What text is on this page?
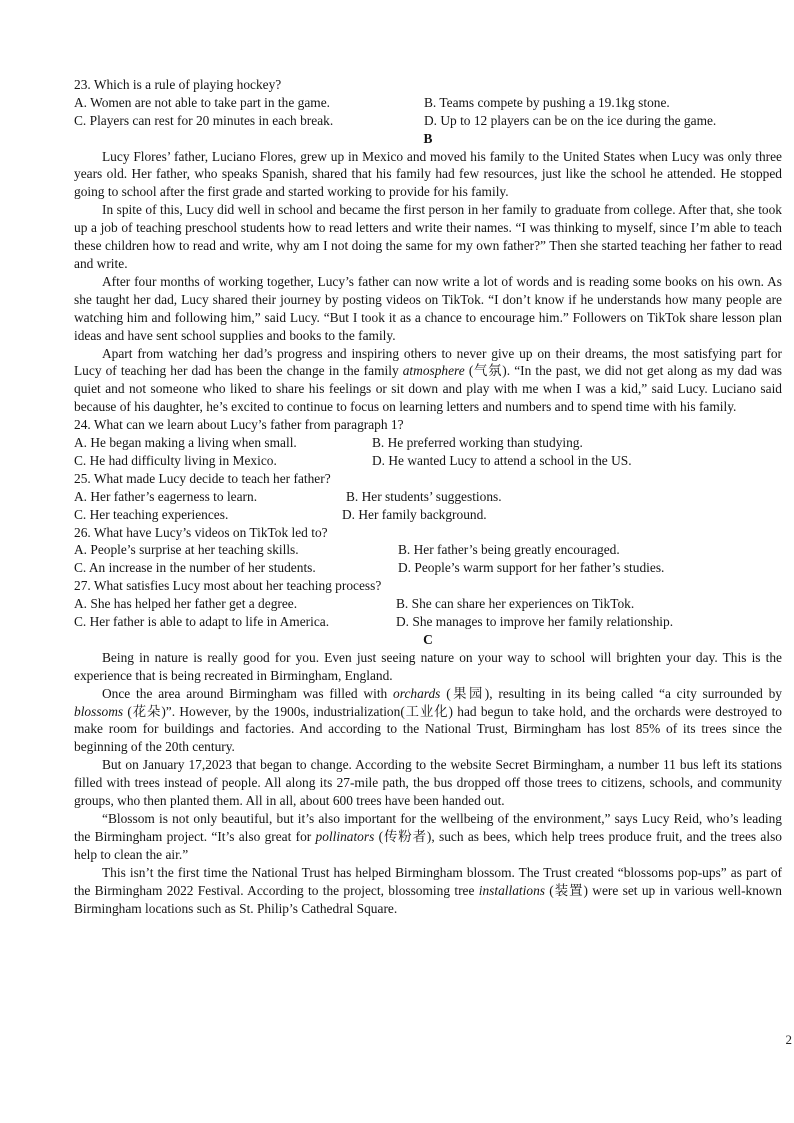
23. Which is a rule of playing hockey?

A. Women are not able to take part in the game.	B. Teams compete by pushing a 19.1kg stone.
C. Players can rest for 20 minutes in each break.	D. Up to 12 players can be on the ice during the game.

B

Lucy Flores’ father, Luciano Flores, grew up in Mexico and moved his family to the United States when Lucy was only three years old. Her father, who speaks Spanish, shared that his family had few resources, just like the school he attended. He stopped going to school after the first grade and started working to provide for his family.

In spite of this, Lucy did well in school and became the first person in her family to graduate from college. After that, she took up a job of teaching preschool students how to read letters and write their names. “I was thinking to myself, since I’m able to teach these children how to read and write, why am I not doing the same for my own father?” Then she started teaching her father to read and write.

After four months of working together, Lucy’s father can now write a lot of words and is reading some books on his own. As she taught her dad, Lucy shared their journey by posting videos on TikTok. “I don’t know if he understands how many people are watching him and following him,” said Lucy. “But I took it as a chance to encourage him.” Followers on TikTok share lesson plan ideas and have sent school supplies and books to the family.

Apart from watching her dad’s progress and inspiring others to never give up on their dreams, the most satisfying part for Lucy of teaching her dad has been the change in the family atmosphere (气氛). “In the past, we did not get along as my dad was quiet and not someone who liked to share his feelings or sit down and play with me when I was a kid,” said Lucy. Luciano said because of his daughter, he’s excited to continue to focus on learning letters and numbers and to spend time with his family.

24. What can we learn about Lucy’s father from paragraph 1?

A. He began making a living when small.	B. He preferred working than studying.
C. He had difficulty living in Mexico.	D. He wanted Lucy to attend a school in the US.

25. What made Lucy decide to teach her father?

A. Her father’s eagerness to learn.	B. Her students’ suggestions.
C. Her teaching experiences.	D. Her family background.

26. What have Lucy’s videos on TikTok led to?

A. People’s surprise at her teaching skills.	B. Her father’s being greatly encouraged.
C. An increase in the number of her students.	D. People’s warm support for her father’s studies.

27. What satisfies Lucy most about her teaching process?

A. She has helped her father get a degree.	B. She can share her experiences on TikTok.
C. Her father is able to adapt to life in America.	D. She manages to improve her family relationship.

C

Being in nature is really good for you. Even just seeing nature on your way to school will brighten your day. This is the experience that is being recreated in Birmingham, England.

Once the area around Birmingham was filled with orchards (果园), resulting in its being called “a city surrounded by blossoms (花朵)”. However, by the 1900s, industrialization(工业化) had begun to take hold, and the orchards were destroyed to make room for buildings and factories. And according to the National Trust, Birmingham has lost 85% of its trees since the beginning of the 20th century.

But on January 17,2023 that began to change. According to the website Secret Birmingham, a number 11 bus left its stations filled with trees instead of people. All along its 27-mile path, the bus dropped off those trees to citizens, schools, and community groups, who then planted them. All in all, about 600 trees have been handed out.

“Blossom is not only beautiful, but it’s also important for the wellbeing of the environment,” says Lucy Reid, who’s leading the Birmingham project. “It’s also great for pollinators (传粉者), such as bees, which help trees produce fruit, and the trees also help to clean the air.”

This isn’t the first time the National Trust has helped Birmingham blossom. The Trust created “blossoms pop-ups” as part of the Birmingham 2022 Festival. According to the project, blossoming tree installations (装置) were set up in various well-known Birmingham locations such as St. Philip’s Cathedral Square.

2
